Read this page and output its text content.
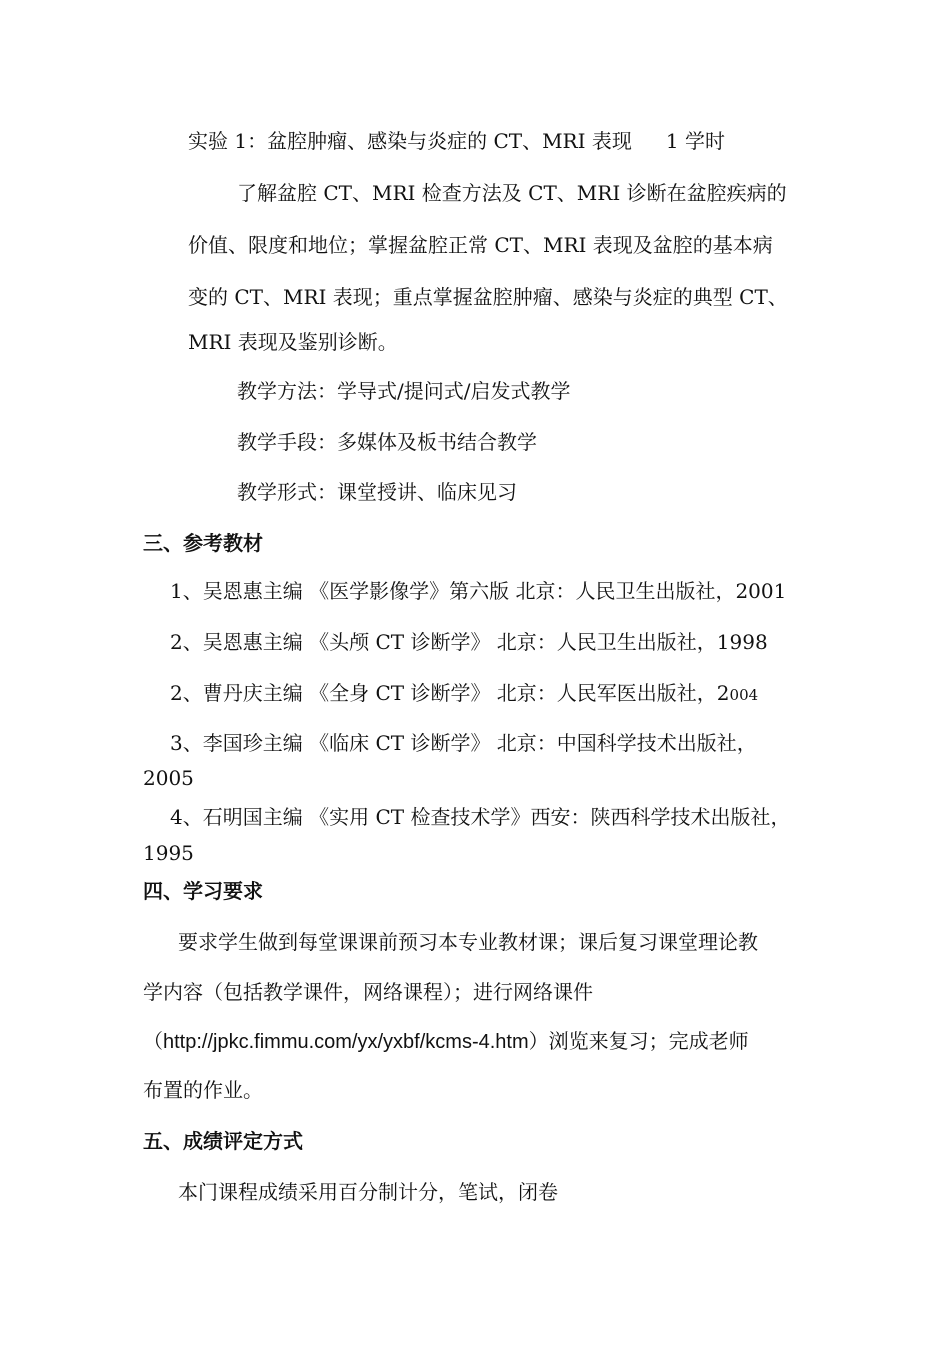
实验 1：盆腔肿瘤、感染与炎症的 CT、MRI 表现 1 学时
了解盆腔 CT、MRI 检查方法及 CT、MRI 诊断在盆腔疾病的
价值、限度和地位；掌握盆腔正常 CT、MRI 表现及盆腔的基本病
变的 CT、MRI 表现；重点掌握盆腔肿瘤、感染与炎症的典型 CT、
MRI 表现及鉴别诊断。
教学方法：学导式/提问式/启发式教学
教学手段：多媒体及板书结合教学
教学形式：课堂授讲、临床见习
三、参考教材
1、吴恩惠主编 《医学影像学》第六版 北京：人民卫生出版社，2001
2、吴恩惠主编 《头颅 CT 诊断学》 北京：人民卫生出版社，1998
2、曹丹庆主编 《全身 CT 诊断学》 北京：人民军医出版社，2004
3、李国珍主编 《临床 CT 诊断学》 北京：中国科学技术出版社，
2005
4、石明国主编 《实用 CT 检查技术学》西安：陕西科学技术出版社，
1995
四、学习要求
要求学生做到每堂课课前预习本专业教材课；课后复习课堂理论教
学内容（包括教学课件，网络课程）；进行网络课件
（http://jpkc.fimmu.com/yx/yxbf/kcms-4.htm）浏览来复习；完成老师
布置的作业。
五、成绩评定方式
本门课程成绩采用百分制计分，笔试，闭卷
